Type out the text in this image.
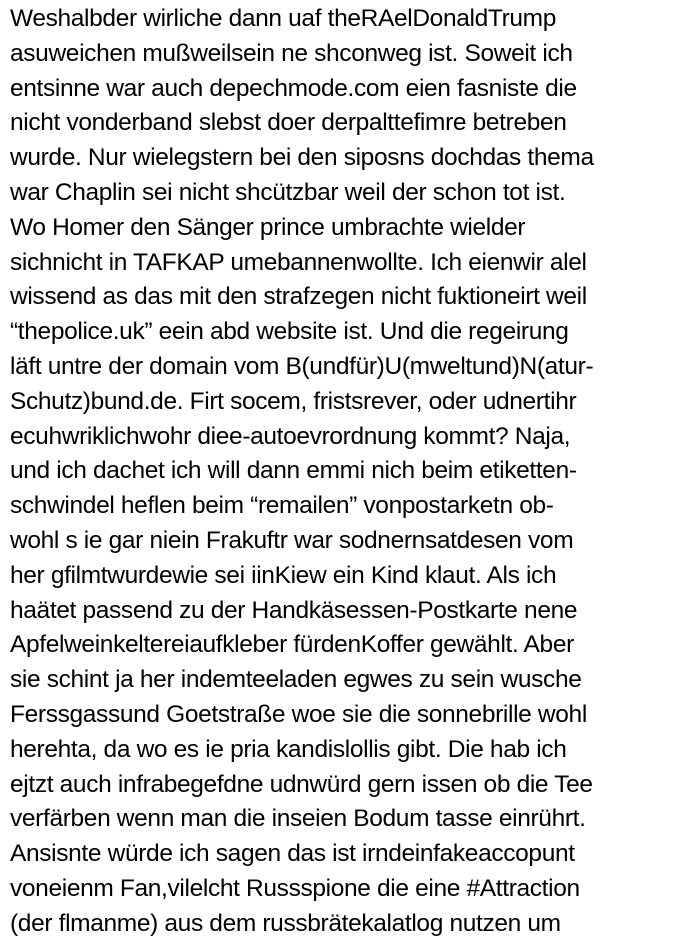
Weshalbder wirliche dann uaf theRAelDonaldTrump
asuweichen mußweilsein ne shconweg ist. Soweit ich
entsinne war auch depechmode.com eien fasniste die
nicht vonderband slebst doer derpalttefimre betreben
wurde. Nur wielegstern bei den siposns dochdas thema
war Chaplin sei nicht shcützbar weil der schon tot ist.
Wo Homer den Sänger prince umbrachte wielder
sichnicht in TAFKAP umebannenwollte. Ich eienwir alel
wissend as das mit den strafzegen nicht fuktioneirt weil
“thepolice.uk” eein abd website ist. Und die regeirung
läft untre der domain vom B(undfür)U(mweltund)N(atur-
Schutz)bund.de. Firt socem, fristsrever, oder udnertihr
ecuhwriklichwohr diee-autoevrordnung kommt? Naja,
und ich dachet ich will dann emmi nich beim etiketten-
schwindel heflen beim “remailen” vonpostarketn ob-
wohl s ie gar niein Frakuftr war sodnernsatdesen vom
her gfilmtwurdewie sei iinKiew ein Kind klaut. Als ich
haätet passend zu der Handkäsessen-Postkarte nene
Apfelweinkeltereiaufkleber fürdenKoffer gewählt. Aber
sie schint ja her indemteeladen egwes zu sein wusche
Ferssgassund Goetstraße woe sie die sonnebrille wohl
herehta, da wo es ie pria kandislollis gibt. Die hab ich
ejtzt auch infrabegefdne udnwürd gern issen ob die Tee
verfärben wenn man die inseien Bodum tasse einrührt.
Ansisnte würde ich sagen das ist irndeinfakeaccopunt
voneienm Fan,vilelcht Russspione die eine #Attraction
(der flmanme) aus dem russbrätekalatlog nutzen um
